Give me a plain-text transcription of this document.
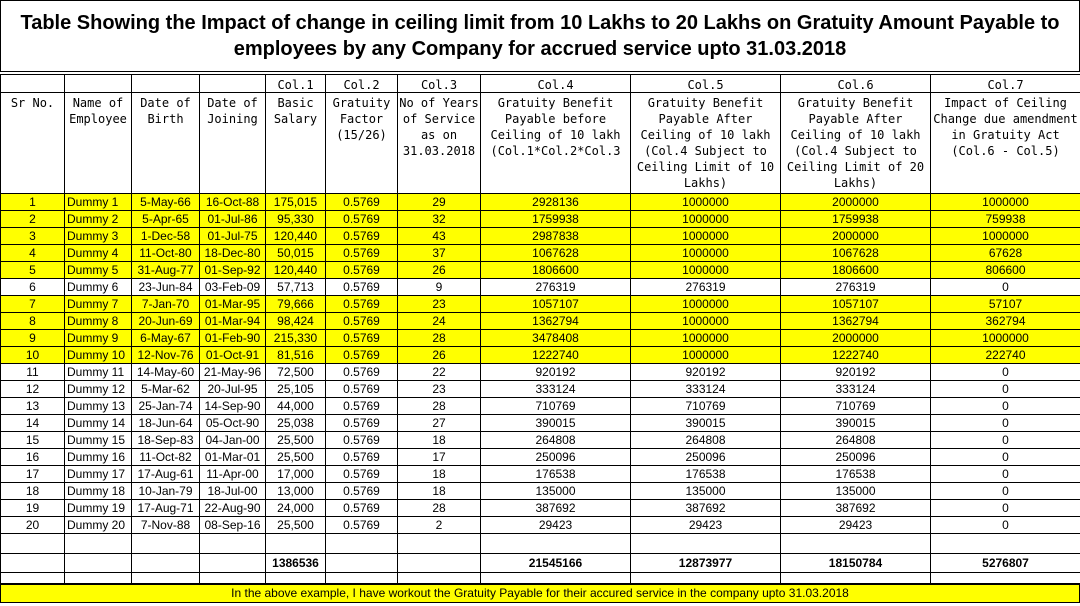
Table Showing the Impact of change in ceiling limit from 10 Lakhs to 20 Lakhs on Gratuity Amount Payable to employees by any Company for accrued service upto 31.03.2018
				Col.1	Col.2	Col.3	Col.4	Col.5	Col.6	Col.7
Sr No.	Name of Employee	Date of Birth	Date of Joining	Basic Salary	Gratuity Factor (15/26)	No of Years of Service as on 31.03.2018	Gratuity Benefit Payable before Ceiling of 10 lakh (Col.1*Col.2*Col.3	Gratuity Benefit Payable After Ceiling of 10 lakh (Col.4 Subject to Ceiling Limit of 10 Lakhs)	Gratuity Benefit Payable After Ceiling of 10 lakh (Col.4 Subject to Ceiling Limit of 20 Lakhs)	Impact of Ceiling Change due amendment in Gratuity Act (Col.6 - Col.5)
1	Dummy 1	5-May-66	16-Oct-88	175,015	0.5769	29	2928136	1000000	2000000	1000000
2	Dummy 2	5-Apr-65	01-Jul-86	95,330	0.5769	32	1759938	1000000	1759938	759938
3	Dummy 3	1-Dec-58	01-Jul-75	120,440	0.5769	43	2987838	1000000	2000000	1000000
4	Dummy 4	11-Oct-80	18-Dec-80	50,015	0.5769	37	1067628	1000000	1067628	67628
5	Dummy 5	31-Aug-77	01-Sep-92	120,440	0.5769	26	1806600	1000000	1806600	806600
6	Dummy 6	23-Jun-84	03-Feb-09	57,713	0.5769	9	276319	276319	276319	0
7	Dummy 7	7-Jan-70	01-Mar-95	79,666	0.5769	23	1057107	1000000	1057107	57107
8	Dummy 8	20-Jun-69	01-Mar-94	98,424	0.5769	24	1362794	1000000	1362794	362794
9	Dummy 9	6-May-67	01-Feb-90	215,330	0.5769	28	3478408	1000000	2000000	1000000
10	Dummy 10	12-Nov-76	01-Oct-91	81,516	0.5769	26	1222740	1000000	1222740	222740
11	Dummy 11	14-May-60	21-May-96	72,500	0.5769	22	920192	920192	920192	0
12	Dummy 12	5-Mar-62	20-Jul-95	25,105	0.5769	23	333124	333124	333124	0
13	Dummy 13	25-Jan-74	14-Sep-90	44,000	0.5769	28	710769	710769	710769	0
14	Dummy 14	18-Jun-64	05-Oct-90	25,038	0.5769	27	390015	390015	390015	0
15	Dummy 15	18-Sep-83	04-Jan-00	25,500	0.5769	18	264808	264808	264808	0
16	Dummy 16	11-Oct-82	01-Mar-01	25,500	0.5769	17	250096	250096	250096	0
17	Dummy 17	17-Aug-61	11-Apr-00	17,000	0.5769	18	176538	176538	176538	0
18	Dummy 18	10-Jan-79	18-Jul-00	13,000	0.5769	18	135000	135000	135000	0
19	Dummy 19	17-Aug-71	22-Aug-90	24,000	0.5769	28	387692	387692	387692	0
20	Dummy 20	7-Nov-88	08-Sep-16	25,500	0.5769	2	29423	29423	29423	0

				1386536			21545166	12873977	18150784	5276807

In the above example, I have workout the Gratuity Payable for their accured service in the company upto 31.03.2018
